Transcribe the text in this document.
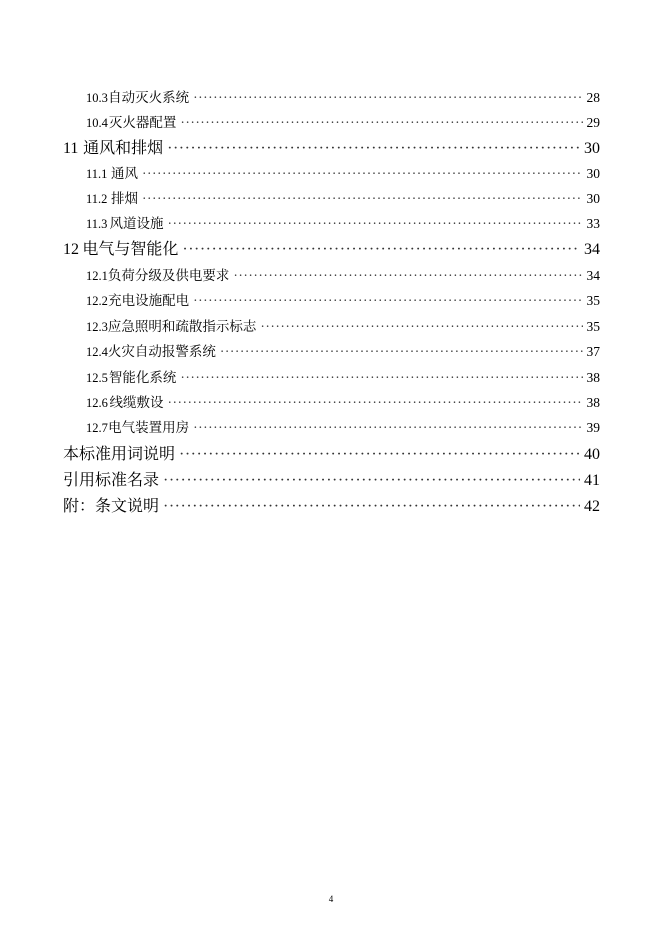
10.3 自动灭火系统 ·····	28
10.4 灭火器配置 ·····	29
11 通风和排烟 ·····	30
11.1 通风 ·····	30
11.2 排烟 ·····	30
11.3 风道设施 ·····	33
12 电气与智能化 ·····	34
12.1 负荷分级及供电要求 ·····	34
12.2 充电设施配电 ·····	35
12.3 应急照明和疏散指示标志 ·····	35
12.4 火灾自动报警系统 ·····	37
12.5 智能化系统 ·····	38
12.6 线缆敷设 ·····	38
12.7 电气装置用房 ·····	39
本标准用词说明 ·····	40
引用标准名录 ·····	41
附：条文说明 ·····	42
4
